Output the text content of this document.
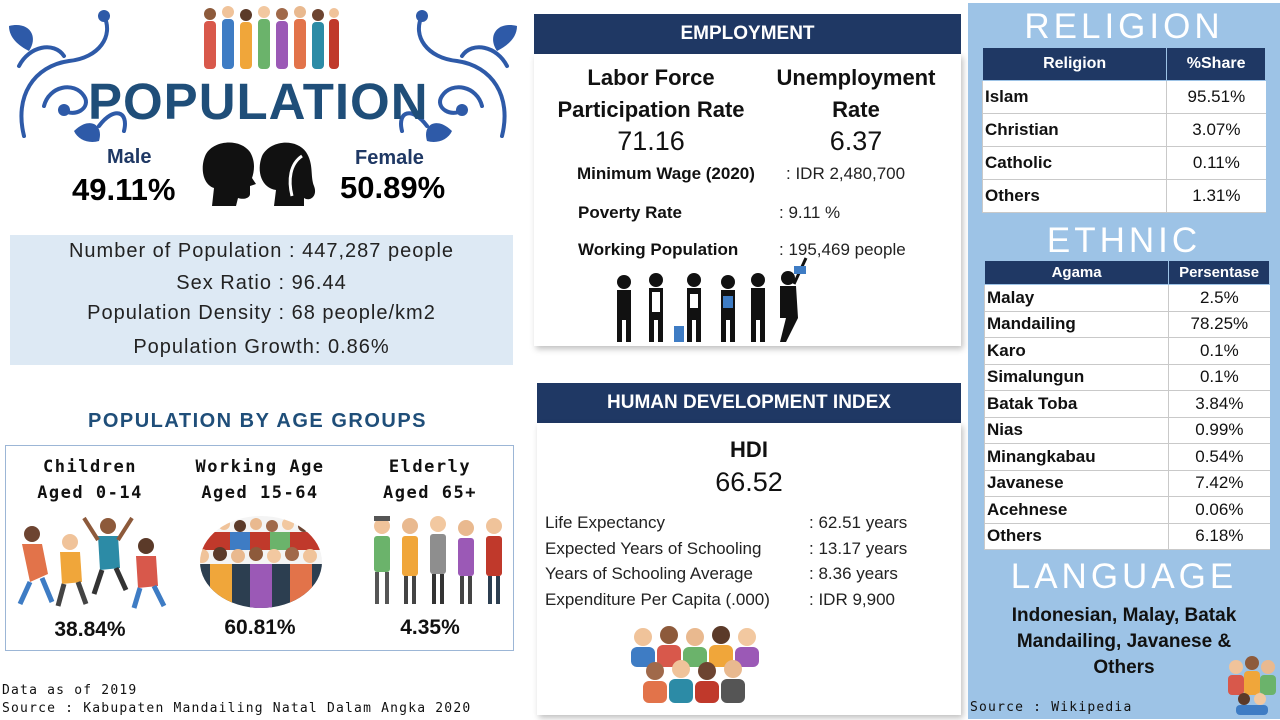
POPULATION
Male
49.11%
Female
50.89%
Number of Population : 447,287 people
Sex Ratio : 96.44
Population Density : 68 people/km2
Population Growth: 0.86%
POPULATION BY AGE GROUPS
Children
Aged 0-14
Working Age
Aged 15-64
Elderly
Aged 65+
38.84%	60.81%	4.35%
Data as of 2019
Source : Kabupaten Mandailing Natal Dalam Angka 2020
EMPLOYMENT
Labor Force
Participation Rate
71.16
Unemployment
Rate
6.37
Minimum Wage (2020) : IDR 2,480,700
Poverty Rate	: 9.11 %
Working Population : 195,469 people
HUMAN DEVELOPMENT INDEX
HDI
66.52
Life Expectancy	: 62.51 years
Expected Years of Schooling	: 13.17 years
Years of Schooling Average	: 8.36 years
Expenditure Per Capita (.000) : IDR 9,900
RELIGION
Religion	%Share
Islam	95.51%
Christian	3.07%
Catholic	0.11%
Others	1.31%
ETHNIC
Agama	Persentase
Malay	2.5%
Mandailing	78.25%
Karo	0.1%
Simalungun	0.1%
Batak Toba	3.84%
Nias	0.99%
Minangkabau	0.54%
Javanese	7.42%
Acehnese	0.06%
Others	6.18%
LANGUAGE
Indonesian, Malay, Batak Mandailing, Javanese & Others
Source : Wikipedia
